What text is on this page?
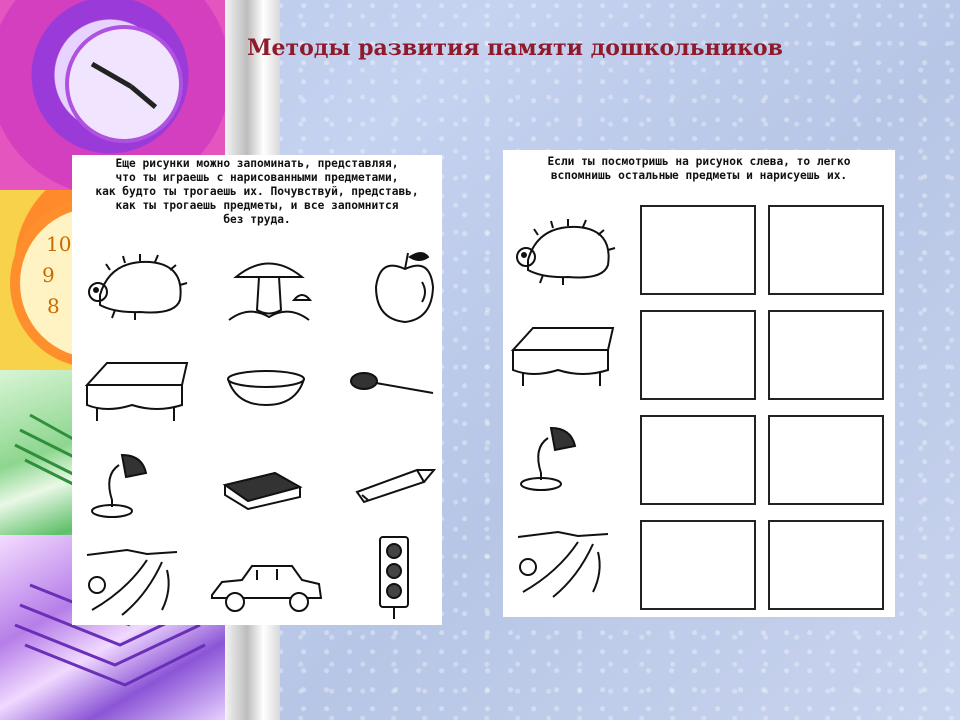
10
9
8
Методы развития памяти дошкольников
Еще рисунки можно запоминать, представляя,
что ты играешь с нарисованными предметами,
как будто ты трогаешь их. Почувствуй, представь,
как ты трогаешь предметы, и все запомнится
без труда.
Если ты посмотришь на рисунок слева, то легко
вспомнишь остальные предметы и нарисуешь их.
